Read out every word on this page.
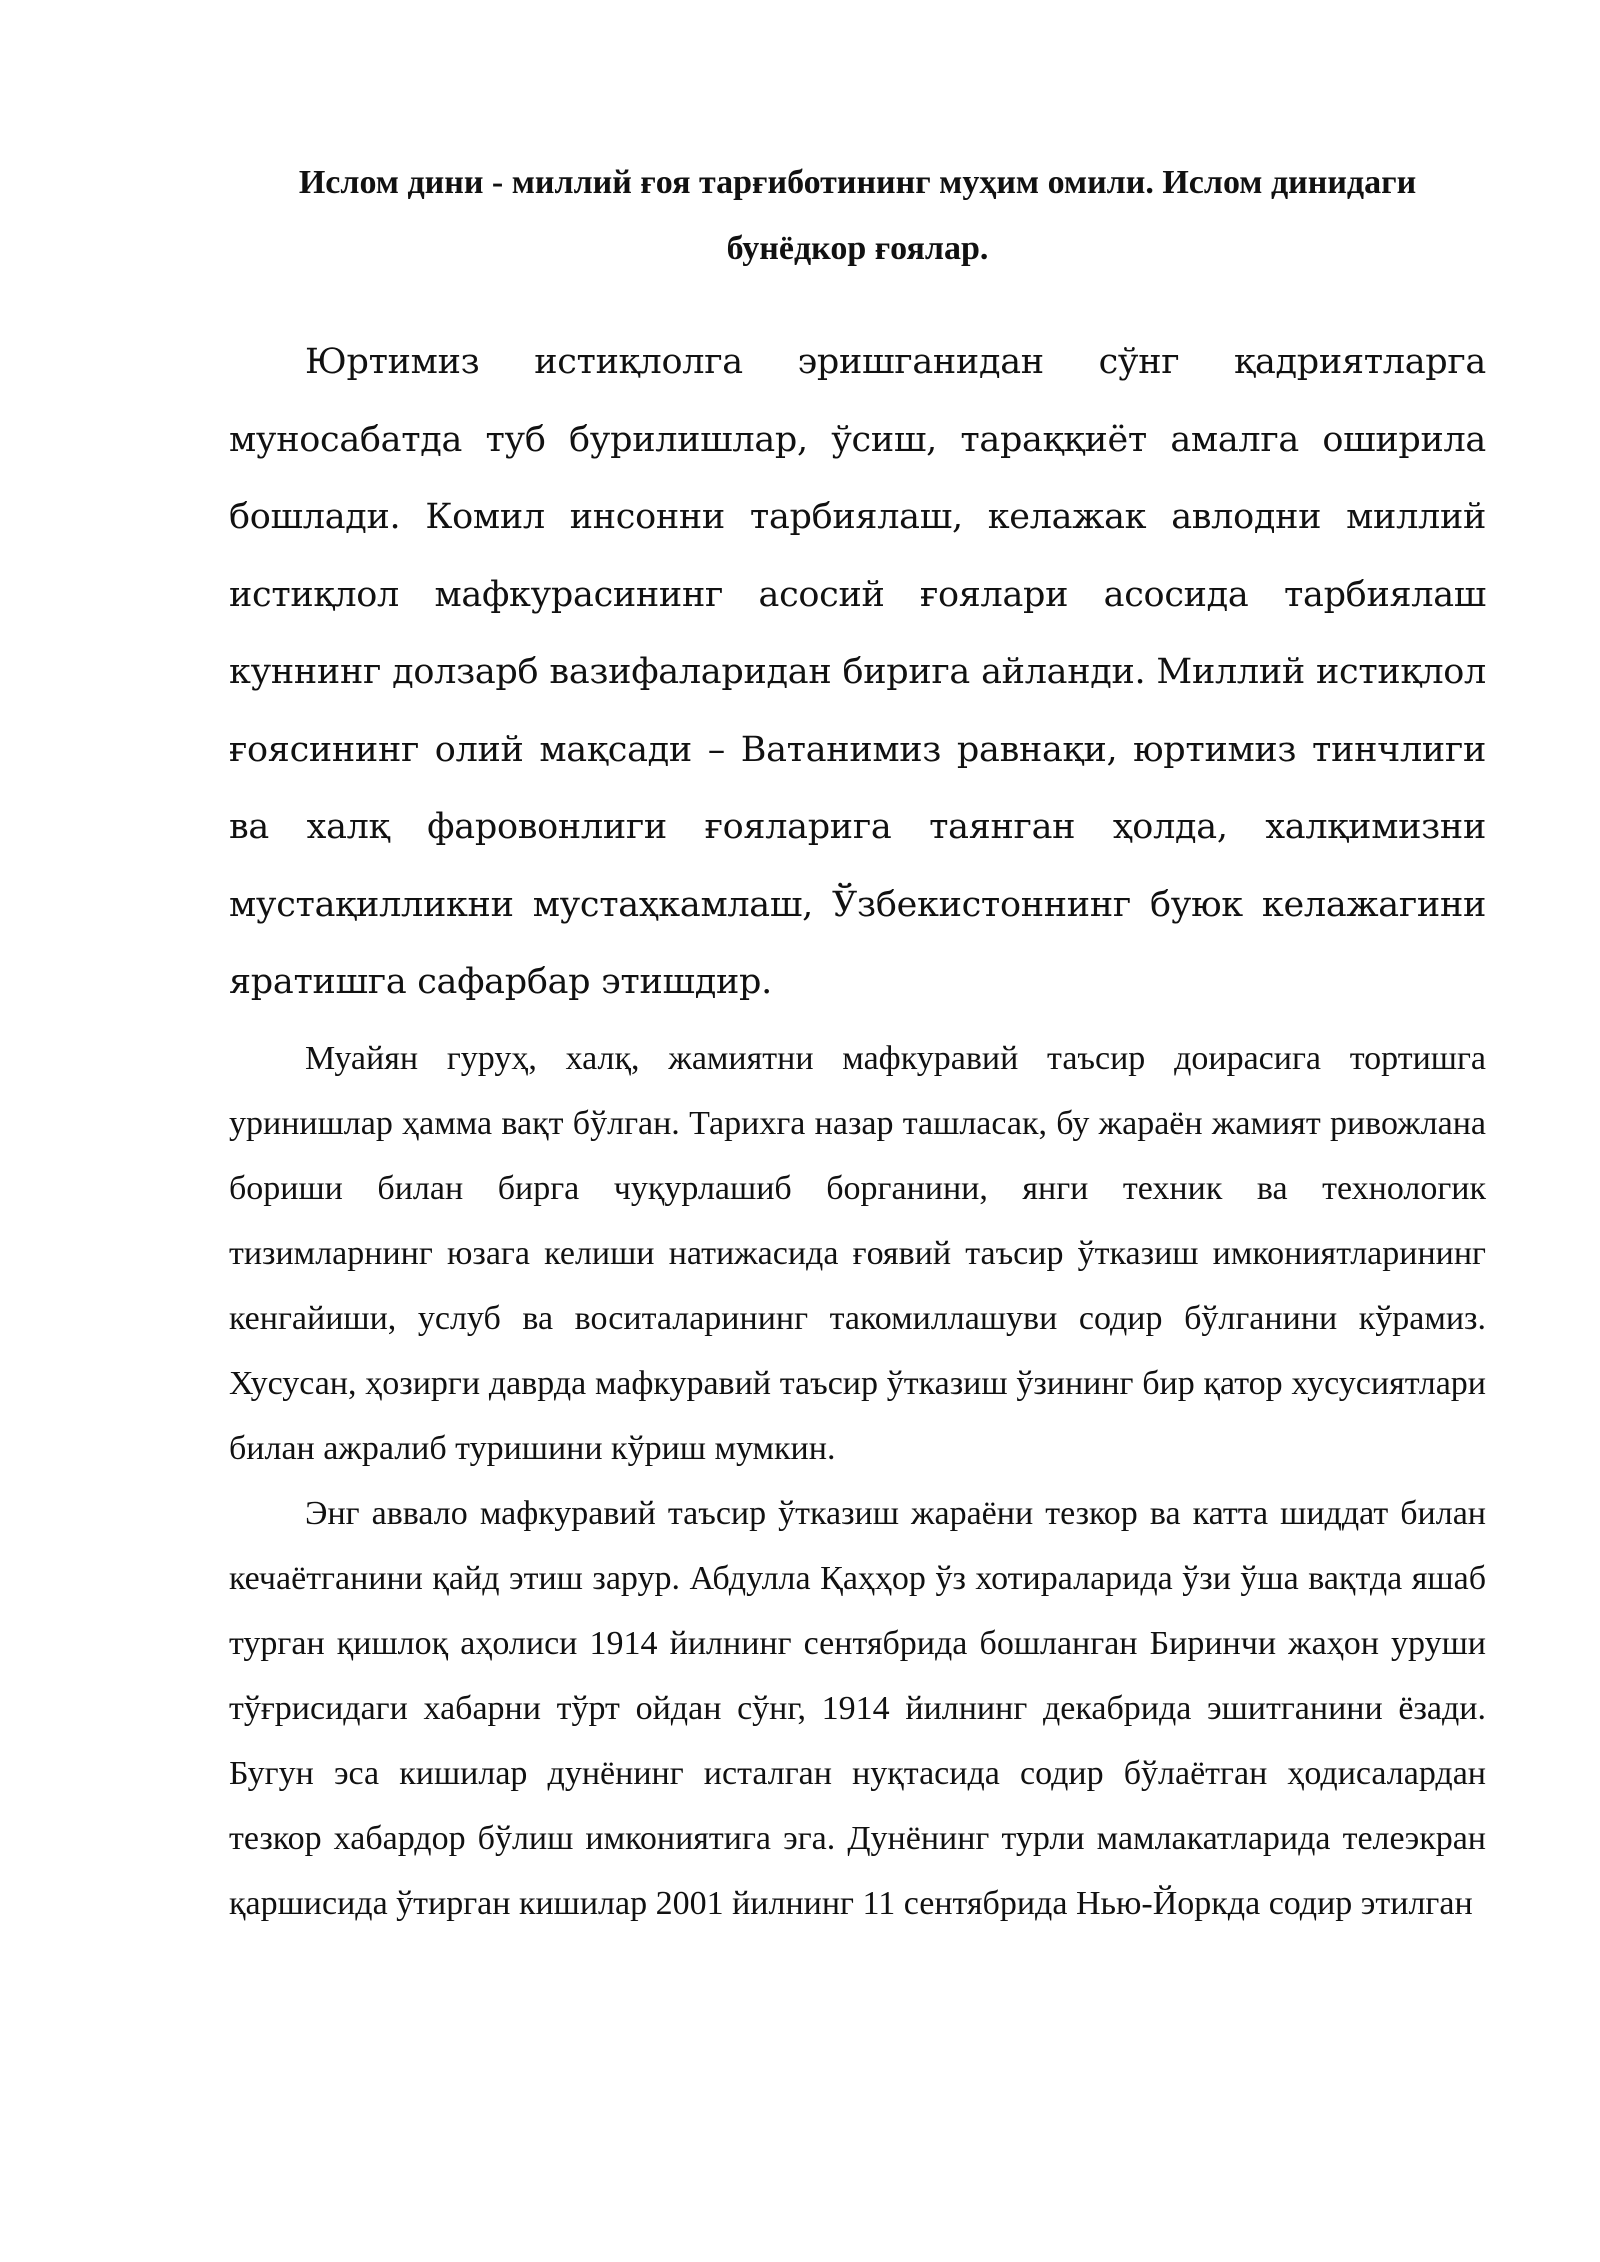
Ислом дини - миллий ғоя тарғиботининг муҳим омили. Ислом динидаги
бунёдкор ғоялар.

Юртимиз истиқлолга эришганидан сўнг қадриятларга муносабатда туб бурилишлар, ўсиш, тараққиёт амалга оширила бошлади. Комил инсонни тарбиялаш, келажак авлодни миллий истиқлол мафкурасининг асосий ғоялари асосида тарбиялаш куннинг долзарб вазифаларидан бирига айланди. Миллий истиқлол ғоясининг олий мақсади – Ватанимиз равнақи, юртимиз тинчлиги ва халқ фаровонлиги ғояларига таянган ҳолда, халқимизни мустақилликни мустаҳкамлаш, Ўзбекистоннинг буюк келажагини яратишга сафарбар этишдир.

Муайян гуруҳ, халқ, жамиятни мафкуравий таъсир доирасига тортишга уринишлар ҳамма вақт бўлган. Тарихга назар ташласак, бу жараён жамият ривожлана бориши билан бирга чуқурлашиб борганини, янги техник ва технологик тизимларнинг юзага келиши натижасида ғоявий таъсир ўтказиш имкониятларининг кенгайиши, услуб ва воситаларининг такомиллашуви содир бўлганини кўрамиз. Хусусан, ҳозирги даврда мафкуравий таъсир ўтказиш ўзининг бир қатор хусусиятлари билан ажралиб туришини кўриш мумкин.

Энг аввало мафкуравий таъсир ўтказиш жараёни тезкор ва катта шиддат билан кечаётганини қайд этиш зарур. Абдулла Қаҳҳор ўз хотираларида ўзи ўша вақтда яшаб турган қишлоқ аҳолиси 1914 йилнинг сентябрида бошланган Биринчи жаҳон уруши тўғрисидаги хабарни тўрт ойдан сўнг, 1914 йилнинг декабрида эшитганини ёзади. Бугун эса кишилар дунёнинг исталган нуқтасида содир бўлаётган ҳодисалардан тезкор хабардор бўлиш имкониятига эга. Дунёнинг турли мамлакатларида телеэкран қаршисида ўтирган кишилар 2001 йилнинг 11 сентябрида Нью-Йоркда содир этилган
